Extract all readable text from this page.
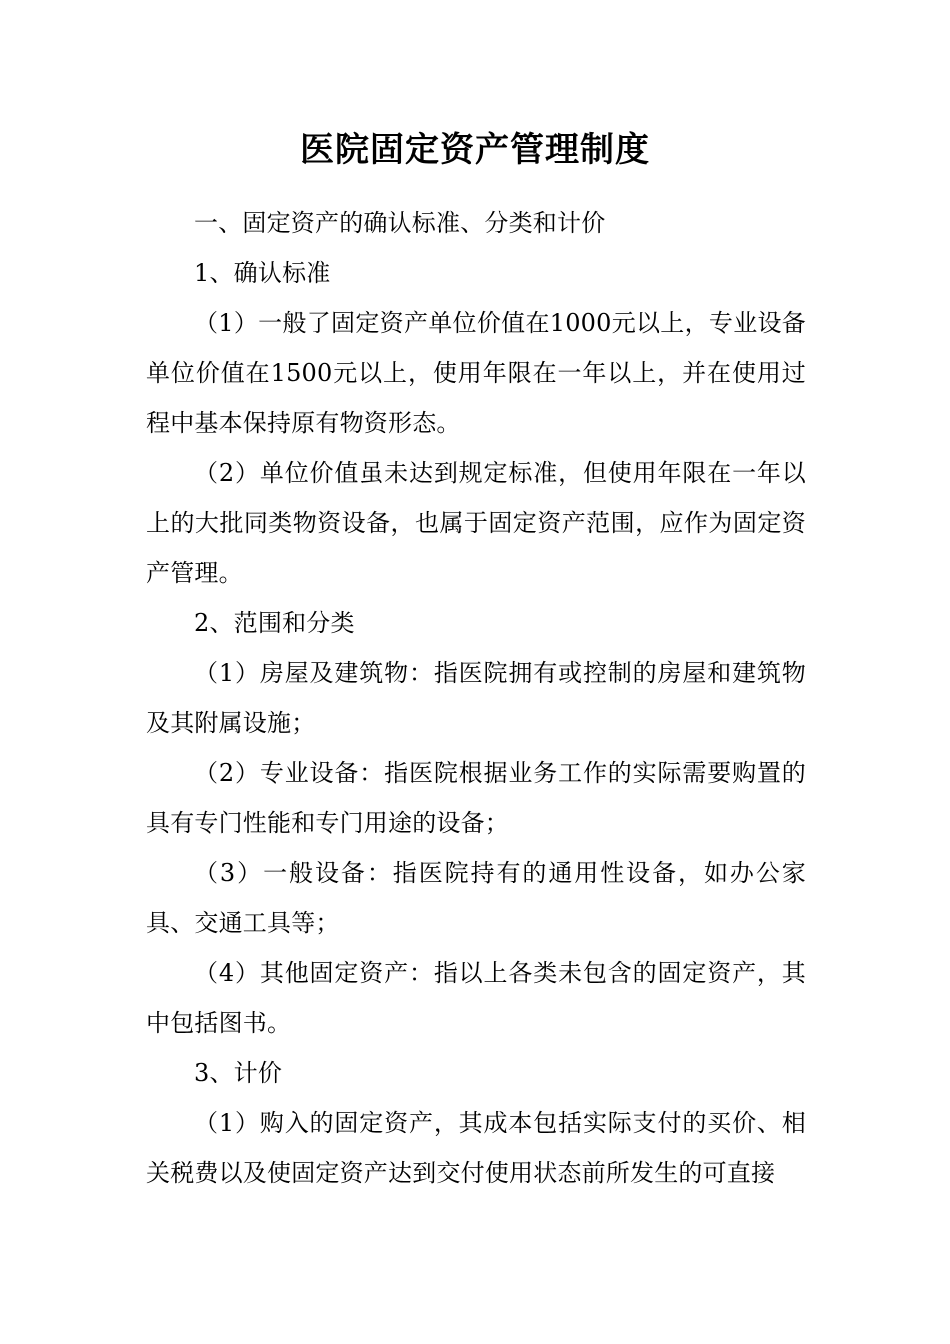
医院固定资产管理制度

一、固定资产的确认标准、分类和计价

1、确认标准

（1）一般了固定资产单位价值在1000元以上，专业设备单位价值在1500元以上，使用年限在一年以上，并在使用过程中基本保持原有物资形态。

（2）单位价值虽未达到规定标准，但使用年限在一年以上的大批同类物资设备，也属于固定资产范围，应作为固定资产管理。

2、范围和分类

（1）房屋及建筑物：指医院拥有或控制的房屋和建筑物及其附属设施；

（2）专业设备：指医院根据业务工作的实际需要购置的具有专门性能和专门用途的设备；

（3）一般设备：指医院持有的通用性设备，如办公家具、交通工具等；

（4）其他固定资产：指以上各类未包含的固定资产，其中包括图书。

3、计价

（1）购入的固定资产，其成本包括实际支付的买价、相关税费以及使固定资产达到交付使用状态前所发生的可直接
